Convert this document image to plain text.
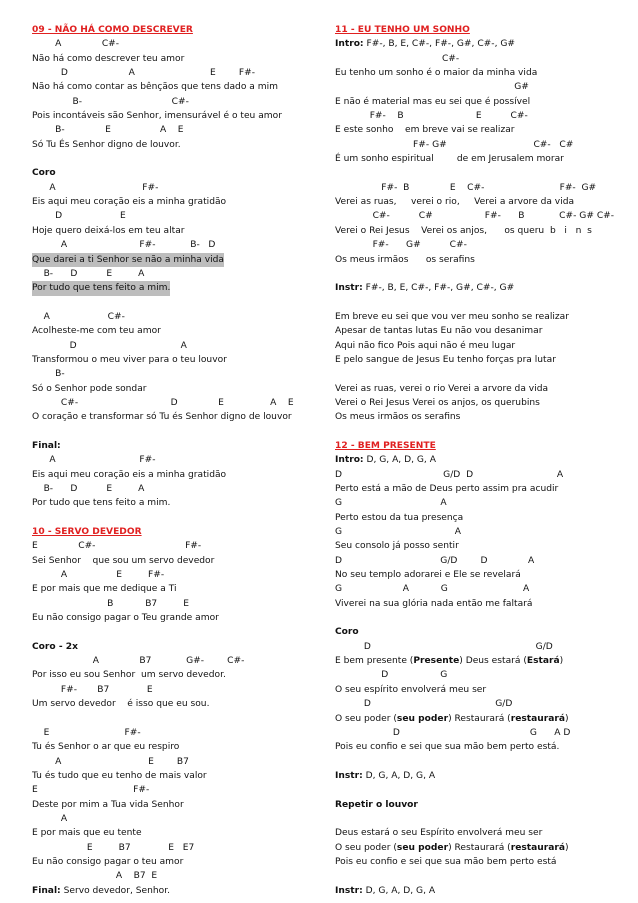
09 - NÃO HÁ COMO DESCREVER
A              C#-
Não há como descrever teu amor
D                     A                          E        F#-
Não há como contar as bênçãos que tens dado a mim
B-                               C#-
Pois incontáveis são Senhor, imensurável é o teu amor
B-              E                 A    E
Só Tu És Senhor digno de louvor.
Coro
A                              F#-
Eis aqui meu coração eis a minha gratidão
D                    E
Hoje quero deixá-los em teu altar
A                         F#-            B-   D
Que darei a ti Senhor se não a minha vida
B-      D          E         A
Por tudo que tens feito a mim.
A                    C#-
Acolheste-me com teu amor
D                                    A
Transformou o meu viver para o teu louvor
B-
Só o Senhor pode sondar
C#-                                D              E                A    E
O coração e transformar só Tu és Senhor digno de louvor
Final:
A                             F#-
Eis aqui meu coração eis a minha gratidão
B-      D          E         A
Por tudo que tens feito a mim.
10 - SERVO DEVEDOR
E              C#-                               F#-
Sei Senhor    que sou um servo devedor
A                 E         F#-
E por mais que me dedique a Ti
B           B7         E
Eu não consigo pagar o Teu grande amor
Coro - 2x
A              B7            G#-        C#-
Por isso eu sou Senhor  um servo devedor.
F#-       B7             E
Um servo devedor    é isso que eu sou.
E                          F#-
Tu és Senhor o ar que eu respiro
A                              E        B7
Tu és tudo que eu tenho de mais valor
E                                 F#-
Deste por mim a Tua vida Senhor
A
E por mais que eu tente
E         B7             E   E7
Eu não consigo pagar o teu amor
A    B7  E
Final: Servo devedor, Senhor.
11 - EU TENHO UM SONHO
Intro: F#-, B, E, C#-, F#-, G#, C#-, G#
C#-
Eu tenho um sonho é o maior da minha vida
G#
E não é material mas eu sei que é possível
F#-    B                         E          C#-
E este sonho    em breve vai se realizar
F#- G#                              C#-   C#
É um sonho espiritual        de em Jerusalem morar
F#-  B              E    C#-                          F#-  G#
Verei as ruas,     verei o rio,     Verei a arvore da vida
C#-          C#                  F#-      B            C#- G# C#-
Verei o Rei Jesus    Verei os anjos,      os queru  b   i   n  s
F#-      G#          C#-
Os meus irmãos      os serafins
Instr: F#-, B, E, C#-, F#-, G#, C#-, G#
Em breve eu sei que vou ver meu sonho se realizar
Apesar de tantas lutas Eu não vou desanimar
Aqui não fico Pois aqui não é meu lugar
E pelo sangue de Jesus Eu tenho forças pra lutar
Verei as ruas, verei o rio Verei a arvore da vida
Verei o Rei Jesus Verei os anjos, os querubins
Os meus irmãos os serafins
12 - BEM PRESENTE
Intro: D, G, A, D, G, A
D                                   G/D  D                             A
Perto está a mão de Deus perto assim pra acudir
G                                  A
Perto estou da tua presença
G                                       A
Seu consolo já posso sentir
D                                  G/D        D              A
No seu templo adorarei e Ele se revelará
G                     A           G                          A
Viverei na sua glória nada então me faltará
Coro
D                                                         G/D
E bem presente (Presente) Deus estará (Estará)
D                  G
O seu espírito envolverá meu ser
D                                           G/D
O seu poder (seu poder) Restaurará (restaurará)
D                                             G      A D
Pois eu confio e sei que sua mão bem perto está.
Instr: D, G, A, D, G, A
Repetir o louvor
Deus estará o seu Espírito envolverá meu ser
O seu poder (seu poder) Restaurará (restaurará)
Pois eu confio e sei que sua mão bem perto está
Instr: D, G, A, D, G, A
